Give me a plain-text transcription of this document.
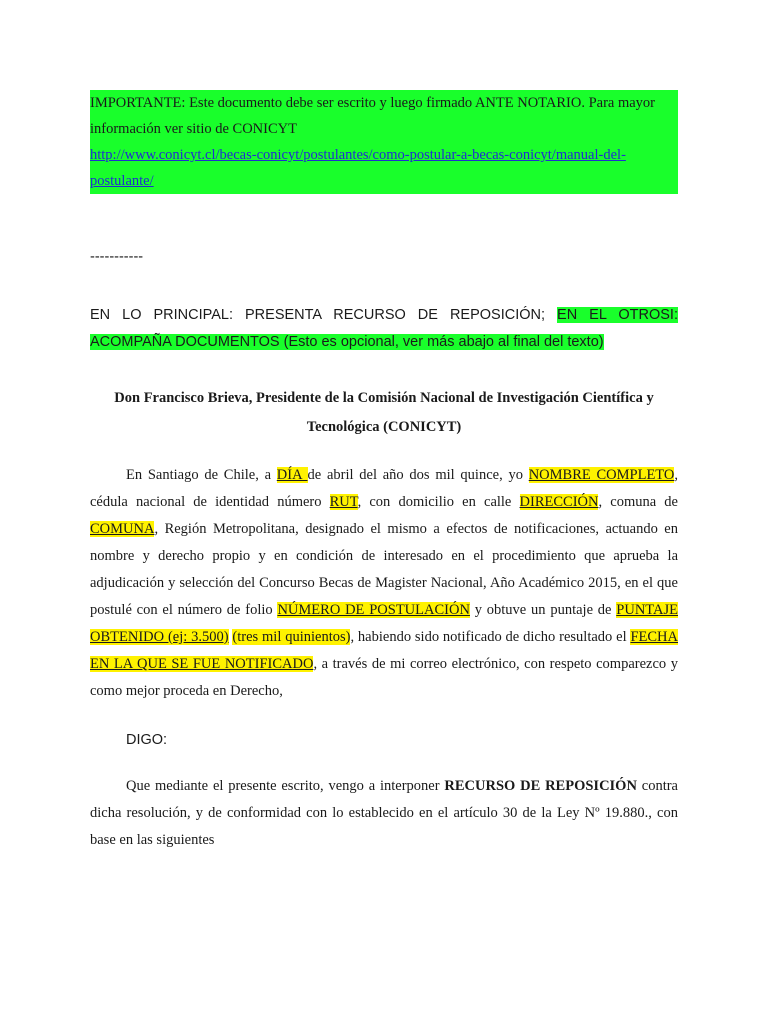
IMPORTANTE: Este documento debe ser escrito y luego firmado ANTE NOTARIO. Para mayor información ver sitio de CONICYT
http://www.conicyt.cl/becas-conicyt/postulantes/como-postular-a-becas-conicyt/manual-del-postulante/
-----------
EN LO PRINCIPAL: PRESENTA RECURSO DE REPOSICIÓN; EN EL OTROSI: ACOMPAÑA DOCUMENTOS (Esto es opcional, ver más abajo al final del texto)
Don Francisco Brieva, Presidente de la Comisión Nacional de Investigación Científica y Tecnológica (CONICYT)
En Santiago de Chile, a DÍA de abril del año dos mil quince, yo NOMBRE COMPLETO, cédula nacional de identidad número RUT, con domicilio en calle DIRECCIÓN, comuna de COMUNA, Región Metropolitana, designado el mismo a efectos de notificaciones, actuando en nombre y derecho propio y en condición de interesado en el procedimiento que aprueba la adjudicación y selección del Concurso Becas de Magister Nacional, Año Académico 2015, en el que postulé con el número de folio NÚMERO DE POSTULACIÓN y obtuve un puntaje de PUNTAJE OBTENIDO (ej: 3.500) (tres mil quinientos), habiendo sido notificado de dicho resultado el FECHA EN LA QUE SE FUE NOTIFICADO, a través de mi correo electrónico, con respeto comparezco y como mejor proceda en Derecho,
DIGO:
Que mediante el presente escrito, vengo a interponer RECURSO DE REPOSICIÓN contra dicha resolución, y de conformidad con lo establecido en el artículo 30 de la Ley Nº 19.880., con base en las siguientes
